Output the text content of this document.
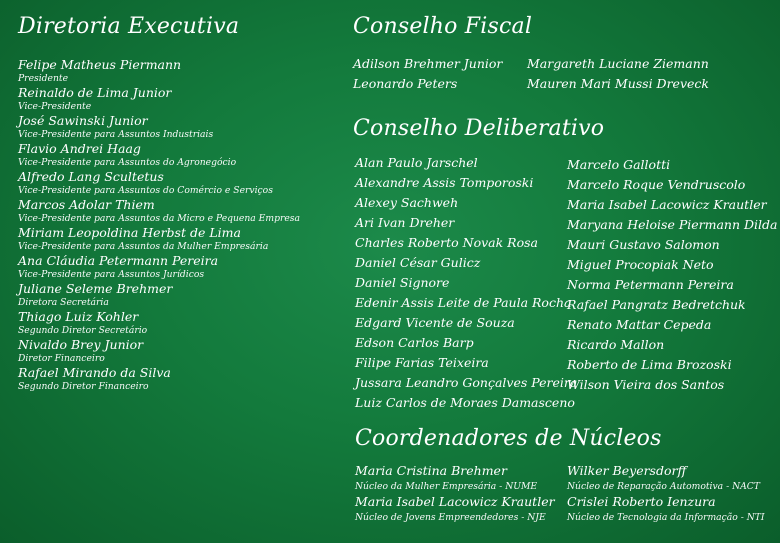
Diretoria Executiva
Felipe Matheus Piermann
Presidente
Reinaldo de Lima Junior
Vice-Presidente
José Sawinski Junior
Vice-Presidente para Assuntos Industriais
Flavio Andrei Haag
Vice-Presidente para Assuntos do Agronegócio
Alfredo Lang Scultetus
Vice-Presidente para Assuntos do Comércio e Serviços
Marcos Adolar Thiem
Vice-Presidente para Assuntos da Micro e Pequena Empresa
Miriam Leopoldina Herbst de Lima
Vice-Presidente para Assuntos da Mulher Empresária
Ana Cláudia Petermann Pereira
Vice-Presidente para Assuntos Jurídicos
Juliane Seleme Brehmer
Diretora Secretária
Thiago Luiz Kohler
Segundo Diretor Secretário
Nivaldo Brey Junior
Diretor Financeiro
Rafael Mirando da Silva
Segundo Diretor Financeiro
Conselho Fiscal
Adilson Brehmer Junior	Margareth Luciane Ziemann
Leonardo Peters	Mauren Mari Mussi Dreveck
Conselho Deliberativo
Alan Paulo Jarschel
Alexandre Assis Tomporoski
Alexey Sachweh
Ari Ivan Dreher
Charles Roberto Novak Rosa
Daniel César Gulicz
Daniel Signore
Edenir Assis Leite de Paula Rocha
Edgard Vicente de Souza
Edson Carlos Barp
Filipe Farias Teixeira
Jussara Leandro Gonçalves Pereira
Luiz Carlos de Moraes Damasceno
Marcelo Gallotti
Marcelo Roque Vendruscolo
Maria Isabel Lacowicz Krautler
Maryana Heloise Piermann Dilda
Mauri Gustavo Salomon
Miguel Procopiak Neto
Norma Petermann Pereira
Rafael Pangratz Bedretchuk
Renato Mattar Cepeda
Ricardo Mallon
Roberto de Lima Brozoski
Wilson Vieira dos Santos
Coordenadores de Núcleos
Maria Cristina Brehmer
Núcleo da Mulher Empresária - NUME
Maria Isabel Lacowicz Krautler
Núcleo de Jovens Empreendedores - NJE
Wilker Beyersdorff
Núcleo de Reparação Automotiva - NACT
Crislei Roberto Ienzura
Núcleo de Tecnologia da Informação - NTI
